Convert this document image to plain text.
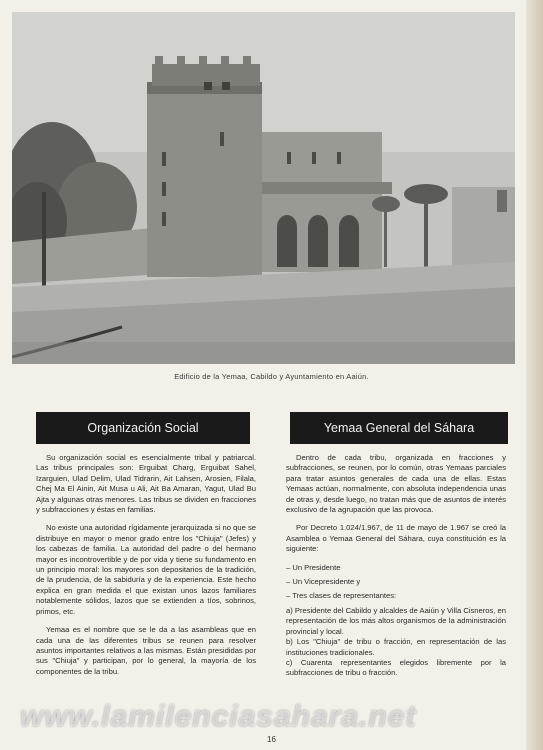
Edificio de la Yemaa, Cabildo y Ayuntamiento en Aaiún.
Organización Social	Yemaa General del Sáhara

Su organización social es esencialmente tribal y patriarcal. Las tribus principales son: Erguibat Charg, Erguibat Sahel, Izarguien, Ulad Delim, Ulad Tidrarin, Ait Lahsen, Arosien, Filala, Chej Ma El Ainin, Ait Musa u Ali, Ait Ba Amaran, Yagut, Ulad Bu Ajta y algunas otras menores. Las tribus se dividen en fracciones y subfracciones y éstas en familias.

No existe una autoridad rígidamente jerarquizada si no que se distribuye en mayor o menor grado entre los "Chiuja" (Jefes) y los cabezas de familia. La autoridad del padre o del hermano mayor es incontrovertible y de por vida y tiene su fundamento en un principio moral: los mayores son depositarios de la tradición, de la prudencia, de la sabiduría y de la experiencia. Este hecho explica en gran medida el que existan unos lazos familiares notablemente sólidos, lazos que se extienden a tíos, sobrinos, primos, etc.

Yemaa es el nombre que se le da a las asambleas que en cada una de las diferentes tribus se reunen para resolver asuntos importantes relativos a las mismas. Están presididas por sus "Chiuja" y participan, por lo general, la mayoría de los componentes de la tribu.

Dentro de cada tribu, organizada en fracciones y subfracciones, se reunen, por lo común, otras Yemaas parciales para tratar asuntos generales de cada una de ellas. Estas Yemaas actúan, normalmente, con absoluta independencia unas de otras y, desde luego, no tratan más que de asuntos de interés exclusivo de la agrupación que las provoca.

Por Decreto 1.024/1.967, de 11 de mayo de 1.967 se creó la Asamblea o Yemaa General del Sáhara, cuya constitución es la siguiente:

– Un Presidente
– Un Vicepresidente y
– Tres clases de representantes:
a) Presidente del Cabildo y alcaldes de Aaiún y Villa Cisneros, en representación de los más altos organismos de la administración provincial y local.
b) Los "Chiuja" de tribu o fracción, en representación de las instituciones tradicionales.
c) Cuarenta representantes elegidos libremente por la subfracciones de tribu o fracción.
www.lamilenciasahara.net
16
